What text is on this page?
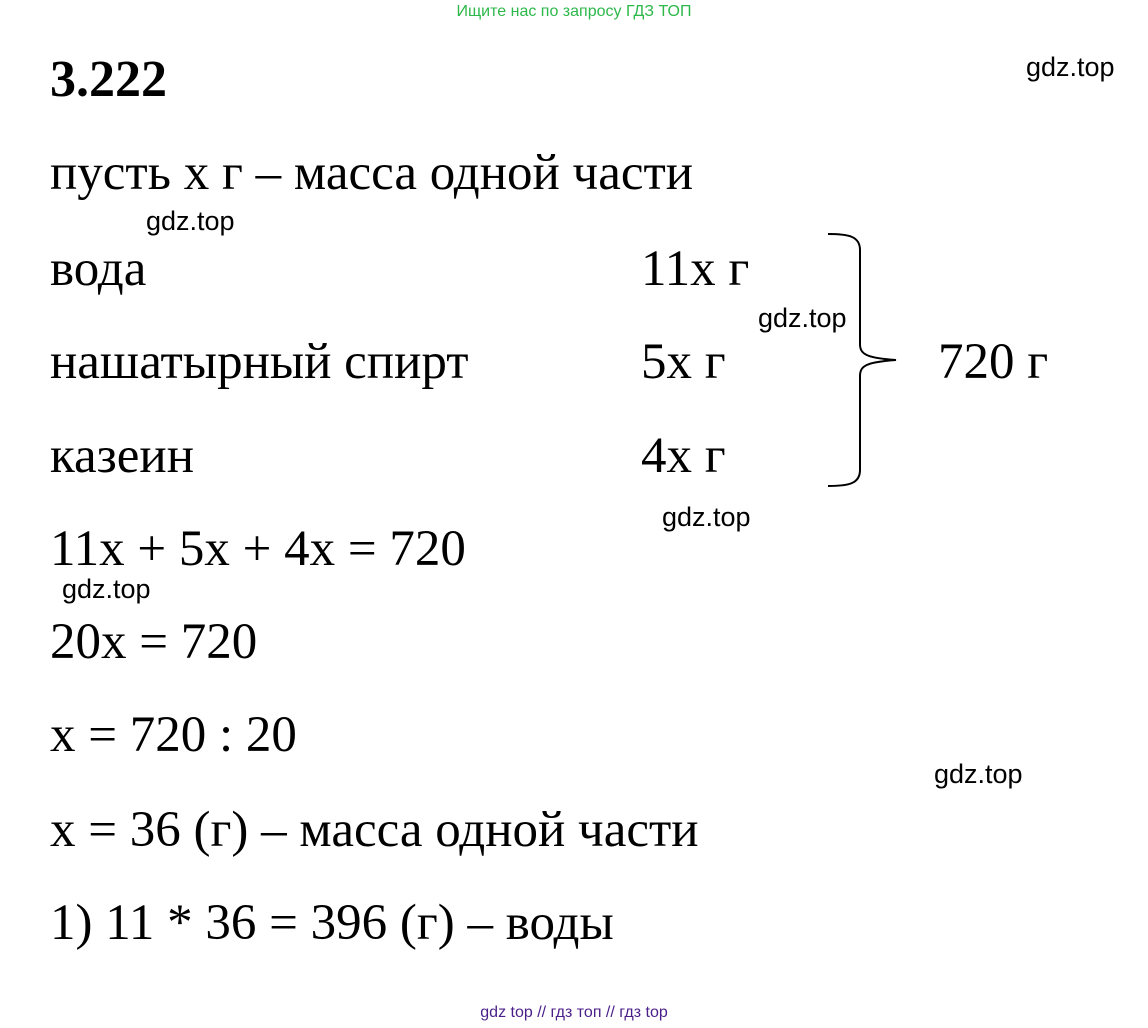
Ищите нас по запросу ГДЗ ТОП
3.222	gdz.top
gdz.top
gdz.top
gdz.top
gdz.top
gdz.top
пусть х г – масса одной части
вода	11х г
нашатырный спирт	5х г
казеин	4х г
720 г
11х + 5х + 4х = 720
20х = 720
х = 720 : 20
х = 36 (г) – масса одной части
1) 11 * 36 = 396 (г) – воды
gdz top // гдз топ // гдз top
